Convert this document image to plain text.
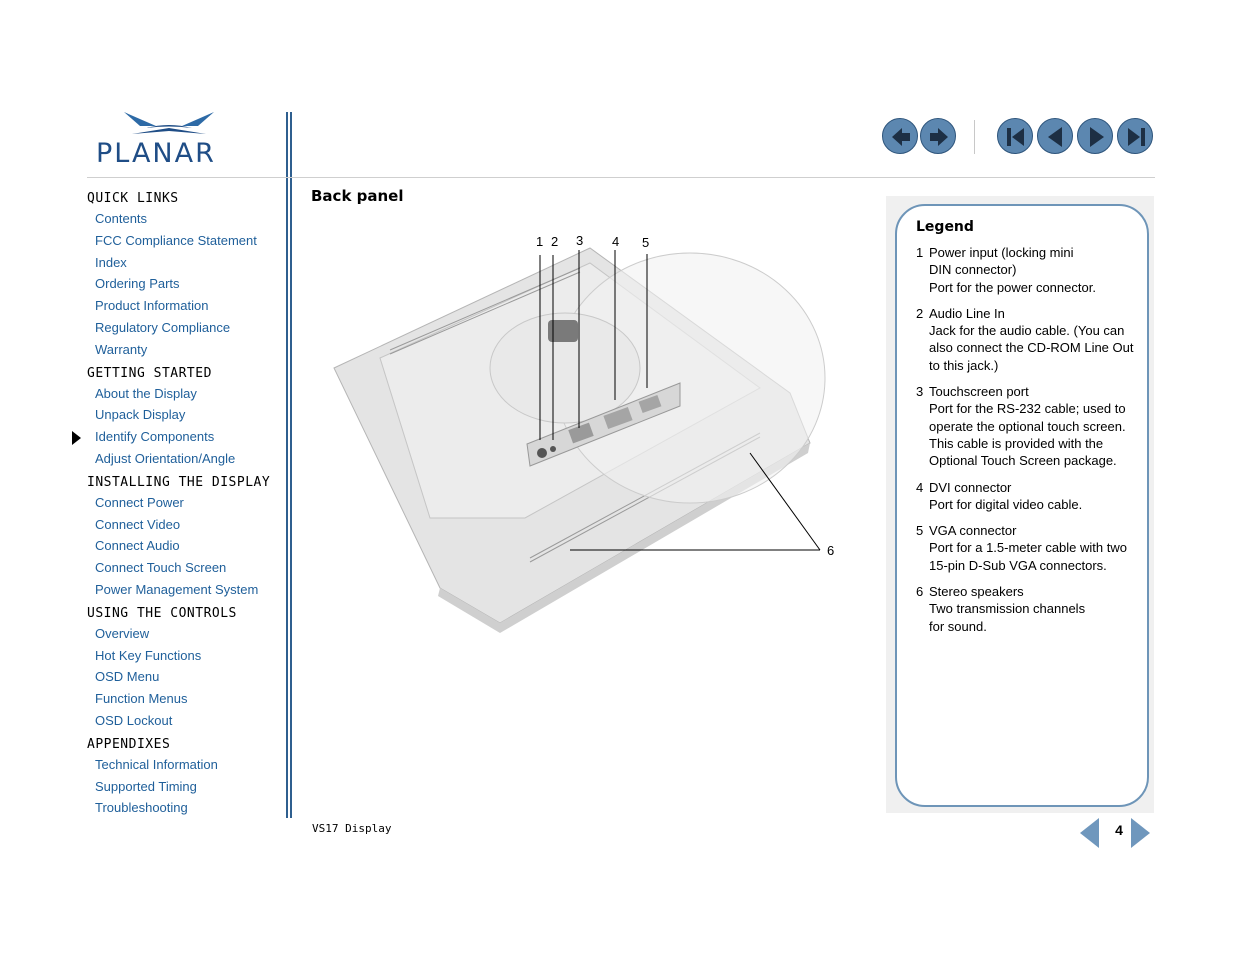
PLANAR
QUICK LINKS
Contents
FCC Compliance Statement
Index
Ordering Parts
Product Information
Regulatory Compliance
Warranty
GETTING STARTED
About the Display
Unpack Display
Identify Components
Adjust Orientation/Angle
INSTALLING THE DISPLAY
Connect Power
Connect Video
Connect Audio
Connect Touch Screen
Power Management System
USING THE CONTROLS
Overview
Hot Key Functions
OSD Menu
Function Menus
OSD Lockout
APPENDIXES
Technical Information
Supported Timing
Troubleshooting
Back panel
1 2 3 4 5
6
Legend
1 Power input (locking mini
DIN connector)
Port for the power connector.
2 Audio Line In
Jack for the audio cable. (You can also connect the CD-ROM Line Out to this jack.)
3 Touchscreen port
Port for the RS-232 cable; used to operate the optional touch screen. This cable is provided with the Optional Touch Screen package.
4 DVI connector
Port for digital video cable.
5 VGA connector
Port for a 1.5-meter cable with two 15-pin D-Sub VGA connectors.
6 Stereo speakers
Two transmission channels
for sound.
VS17 Display	4
